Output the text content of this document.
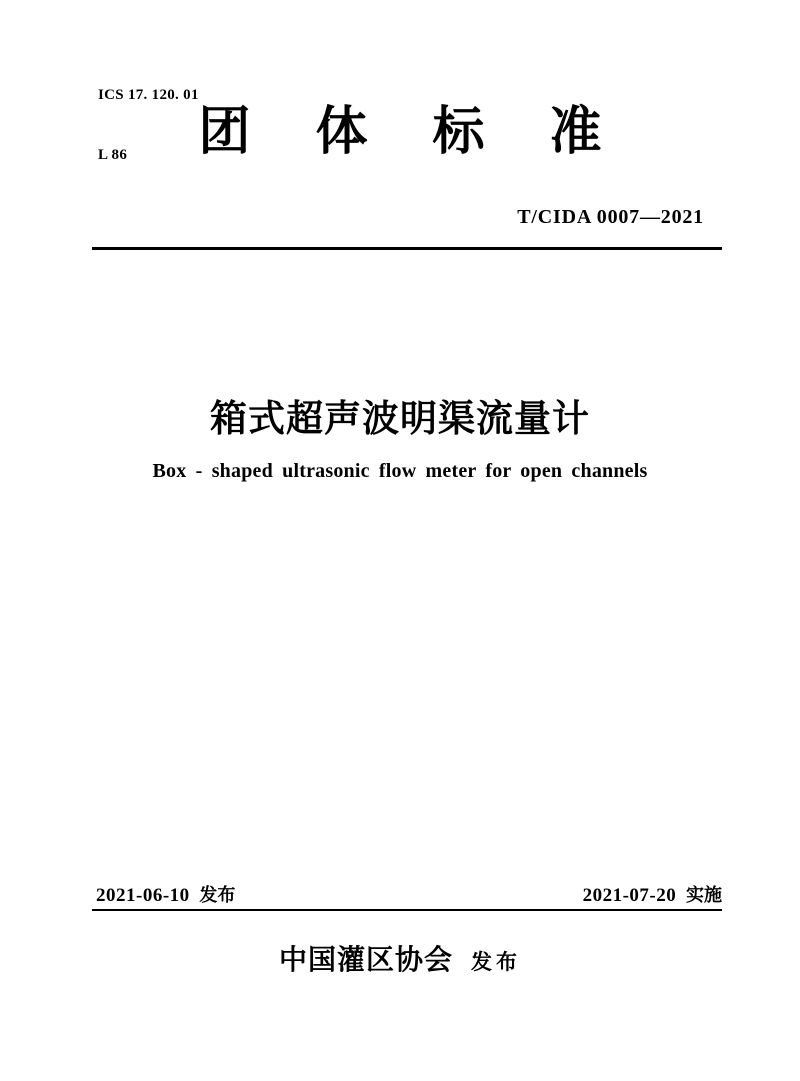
ICS 17. 120. 01

L 86

	团体标准
T/CIDA 0007—2021
箱式超声波明渠流量计
Box - shaped ultrasonic flow meter for open channels
2021-06-10 发布	2021-07-20 实施
中国灌区协会 发布
